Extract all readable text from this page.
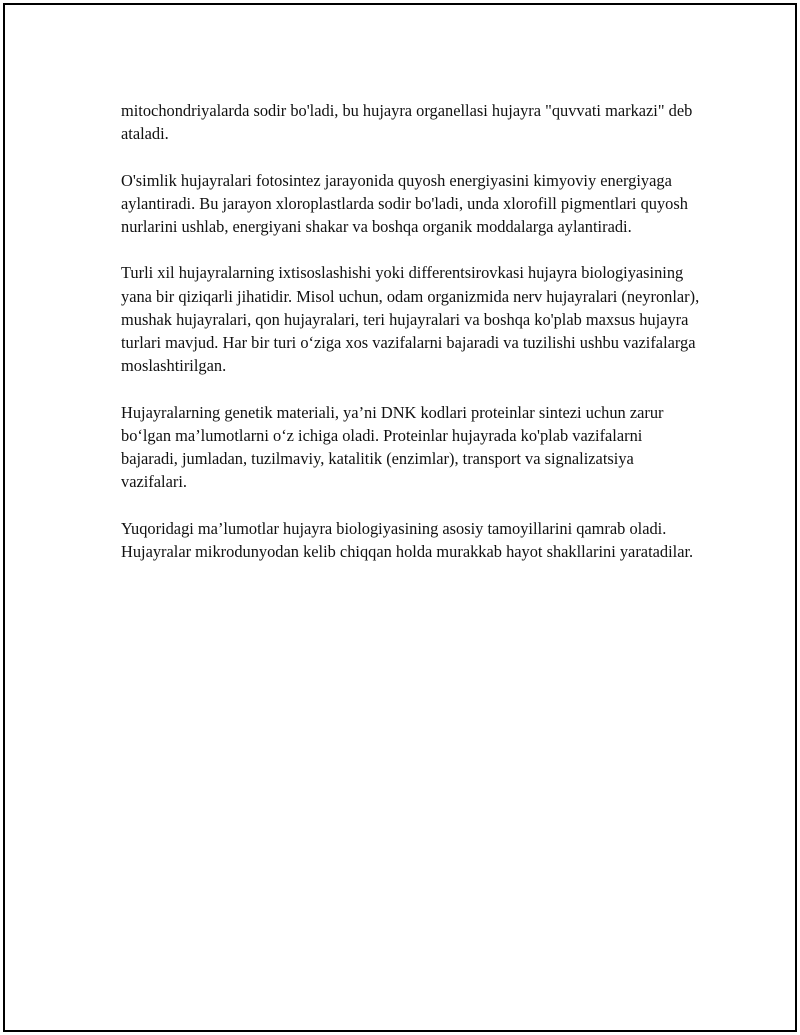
mitochondriyalarda sodir bo'ladi, bu hujayra organellasi hujayra "quvvati markazi" deb ataladi.

O'simlik hujayralari fotosintez jarayonida quyosh energiyasini kimyoviy energiyaga aylantiradi. Bu jarayon xloroplastlarda sodir bo'ladi, unda xlorofill pigmentlari quyosh nurlarini ushlab, energiyani shakar va boshqa organik moddalarga aylantiradi.

Turli xil hujayralarning ixtisoslashishi yoki differentsirovkasi hujayra biologiyasining yana bir qiziqarli jihatidir. Misol uchun, odam organizmida nerv hujayralari (neyronlar), mushak hujayralari, qon hujayralari, teri hujayralari va boshqa ko'plab maxsus hujayra turlari mavjud. Har bir turi o‘ziga xos vazifalarni bajaradi va tuzilishi ushbu vazifalarga moslashtirilgan.

Hujayralarning genetik materiali, ya’ni DNK kodlari proteinlar sintezi uchun zarur bo‘lgan ma’lumotlarni o‘z ichiga oladi. Proteinlar hujayrada ko'plab vazifalarni bajaradi, jumladan, tuzilmaviy, katalitik (enzimlar), transport va signalizatsiya vazifalari.

Yuqoridagi ma’lumotlar hujayra biologiyasining asosiy tamoyillarini qamrab oladi. Hujayralar mikrodunyodan kelib chiqqan holda murakkab hayot shakllarini yaratadilar.
